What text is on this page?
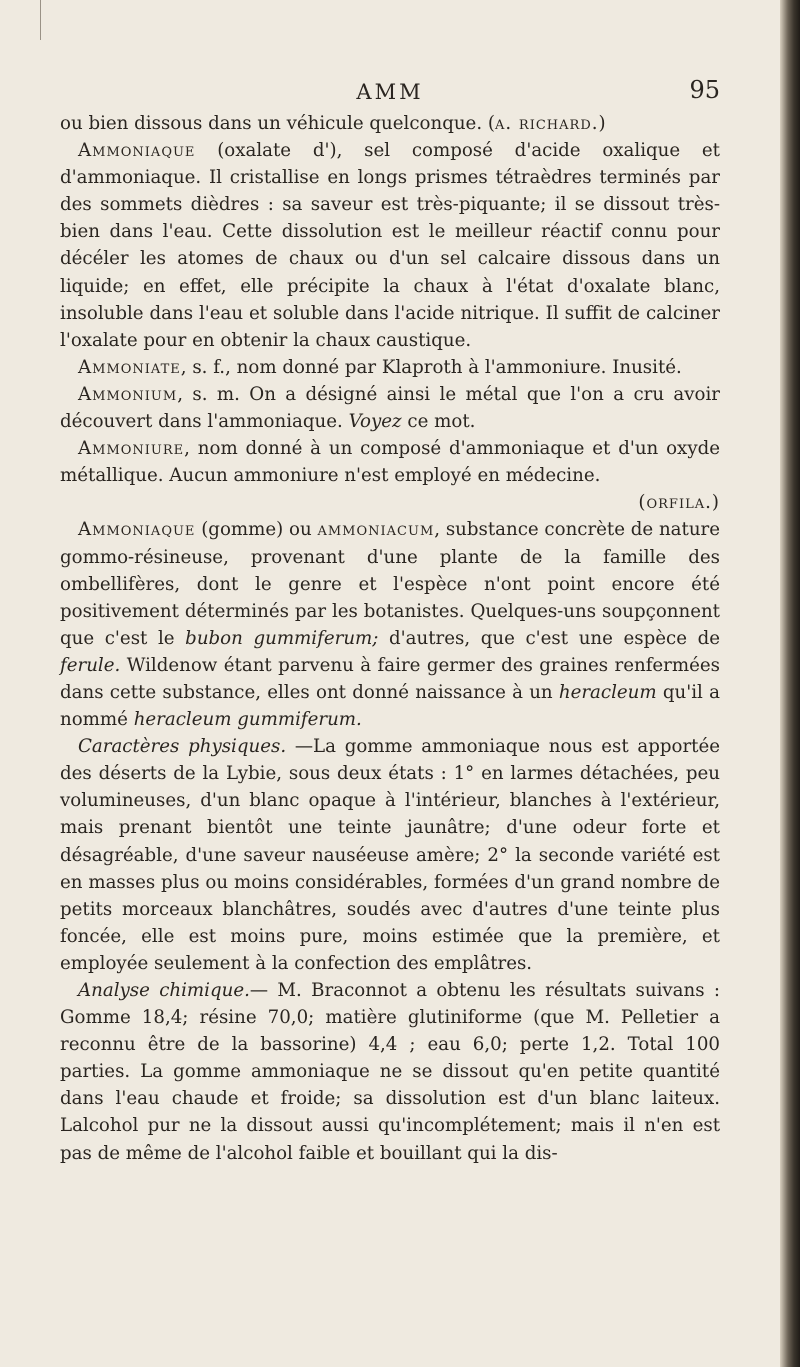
AMM	95

ou bien dissous dans un véhicule quelconque. (a. richard.)

Ammoniaque (oxalate d'), sel composé d'acide oxalique et d'ammoniaque. Il cristallise en longs prismes tétraèdres terminés par des sommets dièdres : sa saveur est très-piquante; il se dissout très-bien dans l'eau. Cette dissolution est le meilleur réactif connu pour décéler les atomes de chaux ou d'un sel calcaire dissous dans un liquide; en effet, elle précipite la chaux à l'état d'oxalate blanc, insoluble dans l'eau et soluble dans l'acide nitrique. Il suffit de calciner l'oxalate pour en obtenir la chaux caustique.

Ammoniate, s. f., nom donné par Klaproth à l'ammoniure. Inusité.

Ammonium, s. m. On a désigné ainsi le métal que l'on a cru avoir découvert dans l'ammoniaque. Voyez ce mot.

Ammoniure, nom donné à un composé d'ammoniaque et d'un oxyde métallique. Aucun ammoniure n'est employé en médecine.
(orfila.)

Ammoniaque (gomme) ou ammoniacum, substance concrète de nature gommo-résineuse, provenant d'une plante de la famille des ombellifères, dont le genre et l'espèce n'ont point encore été positivement déterminés par les botanistes. Quelques-uns soupçonnent que c'est le bubon gummiferum; d'autres, que c'est une espèce de ferule. Wildenow étant parvenu à faire germer des graines renfermées dans cette substance, elles ont donné naissance à un heracleum qu'il a nommé heracleum gummiferum.

Caractères physiques. —La gomme ammoniaque nous est apportée des déserts de la Lybie, sous deux états : 1° en larmes détachées, peu volumineuses, d'un blanc opaque à l'intérieur, blanches à l'extérieur, mais prenant bientôt une teinte jaunâtre; d'une odeur forte et désagréable, d'une saveur nauséeuse amère; 2° la seconde variété est en masses plus ou moins considérables, formées d'un grand nombre de petits morceaux blanchâtres, soudés avec d'autres d'une teinte plus foncée, elle est moins pure, moins estimée que la première, et employée seulement à la confection des emplâtres.

Analyse chimique.— M. Braconnot a obtenu les résultats suivans : Gomme 18,4; résine 70,0; matière glutiniforme (que M. Pelletier a reconnu être de la bassorine) 4,4 ; eau 6,0; perte 1,2. Total 100 parties. La gomme ammoniaque ne se dissout qu'en petite quantité dans l'eau chaude et froide; sa dissolution est d'un blanc laiteux. Lalcohol pur ne la dissout aussi qu'incomplétement; mais il n'en est pas de même de l'alcohol faible et bouillant qui la dis-
